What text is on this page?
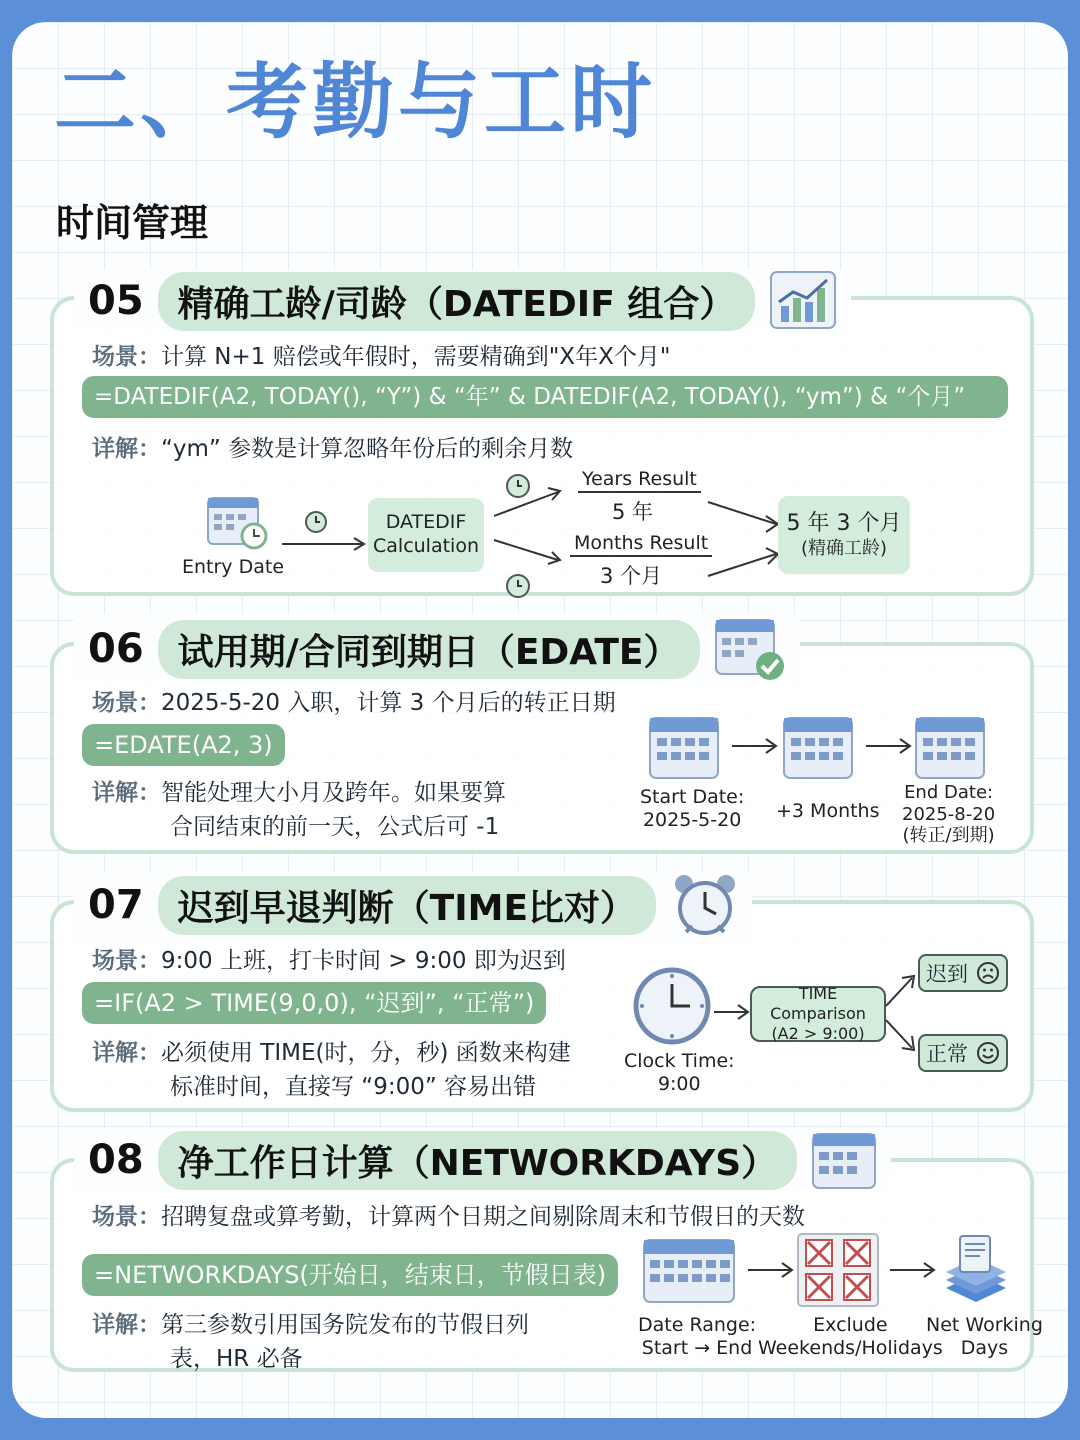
二、考勤与工时
时间管理
05 精确工龄/司龄（DATEDIF 组合）
场景：计算 N+1 赔偿或年假时，需要精确到"X年X个月"
=DATEDIF(A2, TODAY(), “Y”) & “年” & DATEDIF(A2, TODAY(), “ym”) & “个月”
详解：“ym” 参数是计算忽略年份后的剩余月数
Entry Date
DATEDIF
Calculation
Years Result
5 年
Months Result
3 个月
5 年 3 个月
(精确工龄)
06 试用期/合同到期日（EDATE）
场景：2025-5-20 入职，计算 3 个月后的转正日期
=EDATE(A2, 3)
详解：智能处理大小月及跨年。如果要算
合同结束的前一天，公式后可 -1
Start Date:
2025-5-20 +3 Months
End Date:
2025-8-20
(转正/到期)
07 迟到早退判断（TIME比对）
场景：9:00 上班，打卡时间 > 9:00 即为迟到
=IF(A2 > TIME(9,0,0), “迟到”, “正常”)
详解：必须使用 TIME(时，分，秒) 函数来构建
标准时间，直接写 “9:00” 容易出错
Clock Time:
9:00
TIME Comparison
(A2 > 9:00)
迟到
正常
08 净工作日计算（NETWORKDAYS）
场景：招聘复盘或算考勤，计算两个日期之间剔除周末和节假日的天数
=NETWORKDAYS(开始日，结束日，节假日表)
详解：第三参数引用国务院发布的节假日列
表，HR 必备
Date Range:
Start → End
Exclude
Weekends/Holidays
Net Working
Days
